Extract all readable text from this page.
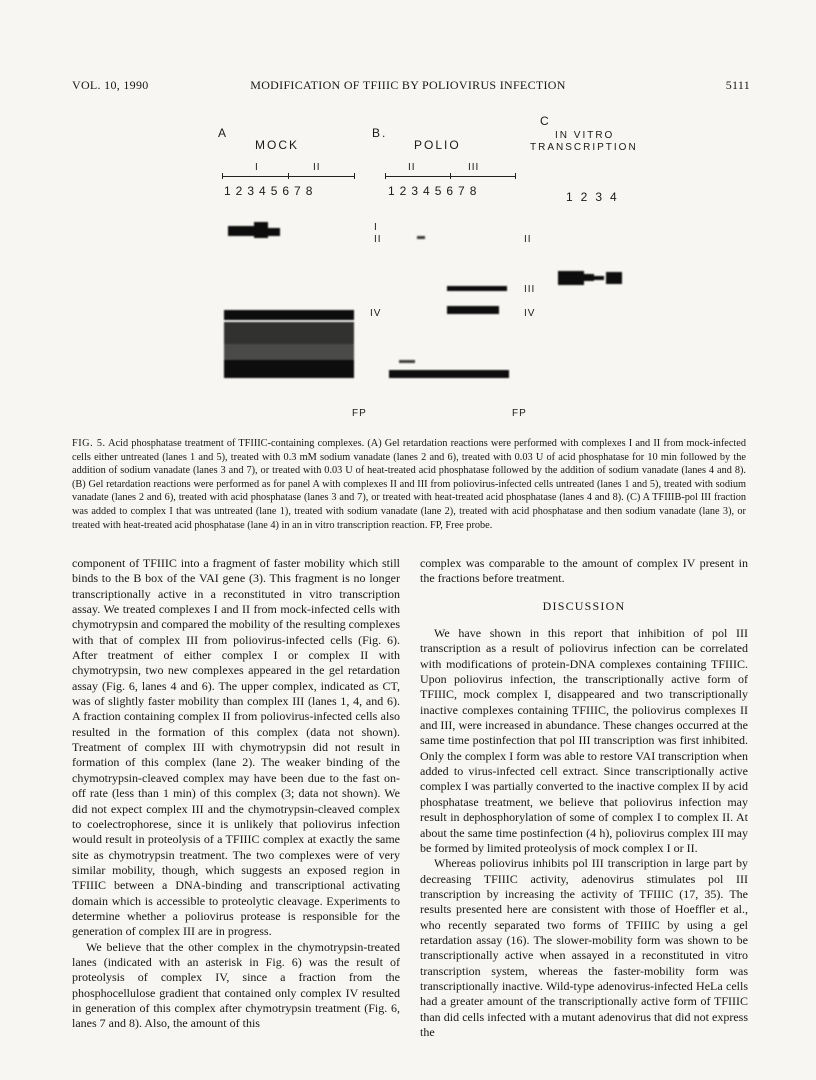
VOL. 10, 1990	MODIFICATION OF TFIIIC BY POLIOVIRUS INFECTION	5111
A
MOCK
I	II
12345678
I
II
IV
FP
B.
POLIO
II	III
12345678
II
III
IV
FP
C
IN VITRO
TRANSCRIPTION
1234
FIG. 5. Acid phosphatase treatment of TFIIIC-containing complexes. (A) Gel retardation reactions were performed with complexes I and II from mock-infected cells either untreated (lanes 1 and 5), treated with 0.3 mM sodium vanadate (lanes 2 and 6), treated with 0.03 U of acid phosphatase for 10 min followed by the addition of sodium vanadate (lanes 3 and 7), or treated with 0.03 U of heat-treated acid phosphatase followed by the addition of sodium vanadate (lanes 4 and 8). (B) Gel retardation reactions were performed as for panel A with complexes II and III from poliovirus-infected cells untreated (lanes 1 and 5), treated with sodium vanadate (lanes 2 and 6), treated with acid phosphatase (lanes 3 and 7), or treated with heat-treated acid phosphatase (lanes 4 and 8). (C) A TFIIIB-pol III fraction was added to complex I that was untreated (lane 1), treated with sodium vanadate (lane 2), treated with acid phosphatase and then sodium vanadate (lane 3), or treated with heat-treated acid phosphatase (lane 4) in an in vitro transcription reaction. FP, Free probe.

component of TFIIIC into a fragment of faster mobility which still binds to the B box of the VAI gene (3). This fragment is no longer transcriptionally active in a reconstituted in vitro transcription assay. We treated complexes I and II from mock-infected cells with chymotrypsin and compared the mobility of the resulting complexes with that of complex III from poliovirus-infected cells (Fig. 6). After treatment of either complex I or complex II with chymotrypsin, two new complexes appeared in the gel retardation assay (Fig. 6, lanes 4 and 6). The upper complex, indicated as CT, was of slightly faster mobility than complex III (lanes 1, 4, and 6). A fraction containing complex II from poliovirus-infected cells also resulted in the formation of this complex (data not shown). Treatment of complex III with chymotrypsin did not result in formation of this complex (lane 2). The weaker binding of the chymotrypsin-cleaved complex may have been due to the fast on-off rate (less than 1 min) of this complex (3; data not shown). We did not expect complex III and the chymotrypsin-cleaved complex to coelectrophorese, since it is unlikely that poliovirus infection would result in proteolysis of a TFIIIC complex at exactly the same site as chymotrypsin treatment. The two complexes were of very similar mobility, though, which suggests an exposed region in TFIIIC between a DNA-binding and transcriptional activating domain which is accessible to proteolytic cleavage. Experiments to determine whether a poliovirus protease is responsible for the generation of complex III are in progress.

We believe that the other complex in the chymotrypsin-treated lanes (indicated with an asterisk in Fig. 6) was the result of proteolysis of complex IV, since a fraction from the phosphocellulose gradient that contained only complex IV resulted in generation of this complex after chymotrypsin treatment (Fig. 6, lanes 7 and 8). Also, the amount of this

complex was comparable to the amount of complex IV present in the fractions before treatment.

DISCUSSION

We have shown in this report that inhibition of pol III transcription as a result of poliovirus infection can be correlated with modifications of protein-DNA complexes containing TFIIIC. Upon poliovirus infection, the transcriptionally active form of TFIIIC, mock complex I, disappeared and two transcriptionally inactive complexes containing TFIIIC, the poliovirus complexes II and III, were increased in abundance. These changes occurred at the same time postinfection that pol III transcription was first inhibited. Only the complex I form was able to restore VAI transcription when added to virus-infected cell extract. Since transcriptionally active complex I was partially converted to the inactive complex II by acid phosphatase treatment, we believe that poliovirus infection may result in dephosphorylation of some of complex I to complex II. At about the same time postinfection (4 h), poliovirus complex III may be formed by limited proteolysis of mock complex I or II.

Whereas poliovirus inhibits pol III transcription in large part by decreasing TFIIIC activity, adenovirus stimulates pol III transcription by increasing the activity of TFIIIC (17, 35). The results presented here are consistent with those of Hoeffler et al., who recently separated two forms of TFIIIC by using a gel retardation assay (16). The slower-mobility form was shown to be transcriptionally active when assayed in a reconstituted in vitro transcription system, whereas the faster-mobility form was transcriptionally inactive. Wild-type adenovirus-infected HeLa cells had a greater amount of the transcriptionally active form of TFIIIC than did cells infected with a mutant adenovirus that did not express the
